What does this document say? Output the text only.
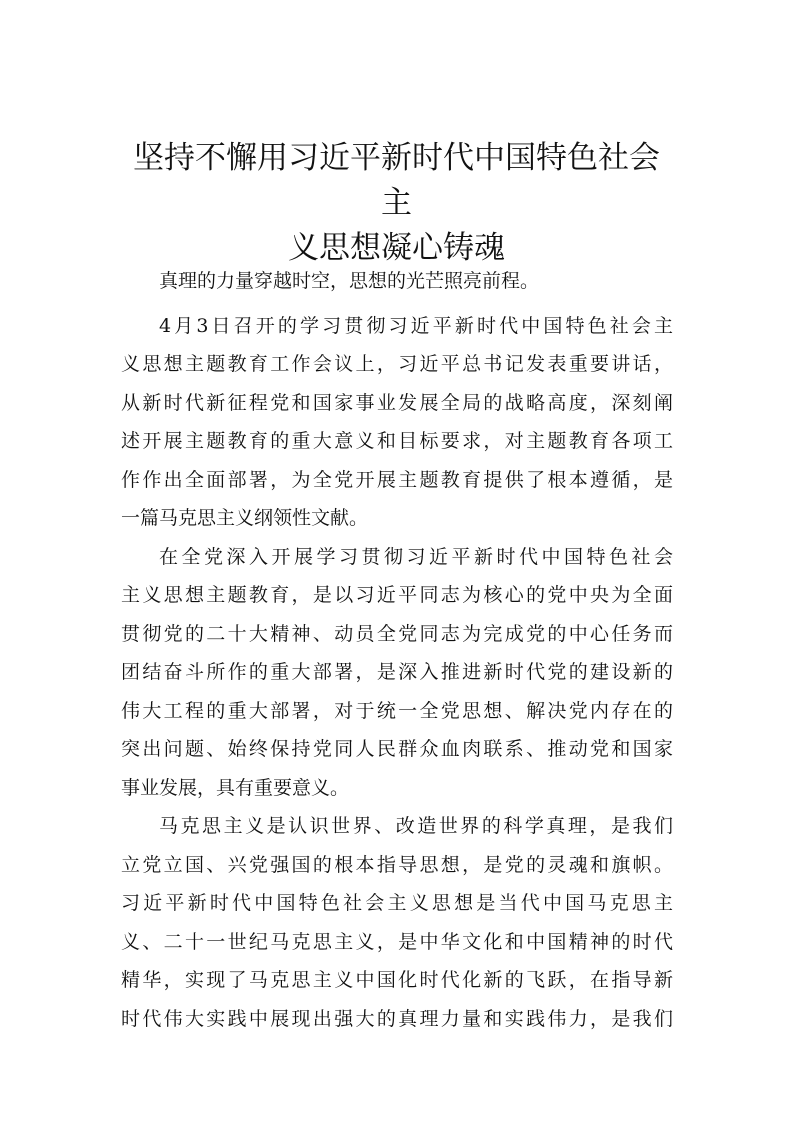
坚持不懈用习近平新时代中国特色社会主
义思想凝心铸魂
真理的力量穿越时空，思想的光芒照亮前程。
4月3日召开的学习贯彻习近平新时代中国特色社会主
义思想主题教育工作会议上，习近平总书记发表重要讲话，
从新时代新征程党和国家事业发展全局的战略高度，深刻阐
述开展主题教育的重大意义和目标要求，对主题教育各项工
作作出全面部署，为全党开展主题教育提供了根本遵循，是
一篇马克思主义纲领性文献。
在全党深入开展学习贯彻习近平新时代中国特色社会
主义思想主题教育，是以习近平同志为核心的党中央为全面
贯彻党的二十大精神、动员全党同志为完成党的中心任务而
团结奋斗所作的重大部署，是深入推进新时代党的建设新的
伟大工程的重大部署，对于统一全党思想、解决党内存在的
突出问题、始终保持党同人民群众血肉联系、推动党和国家
事业发展，具有重要意义。
马克思主义是认识世界、改造世界的科学真理，是我们
立党立国、兴党强国的根本指导思想，是党的灵魂和旗帜。
习近平新时代中国特色社会主义思想是当代中国马克思主
义、二十一世纪马克思主义，是中华文化和中国精神的时代
精华，实现了马克思主义中国化时代化新的飞跃，在指导新
时代伟大实践中展现出强大的真理力量和实践伟力，是我们
